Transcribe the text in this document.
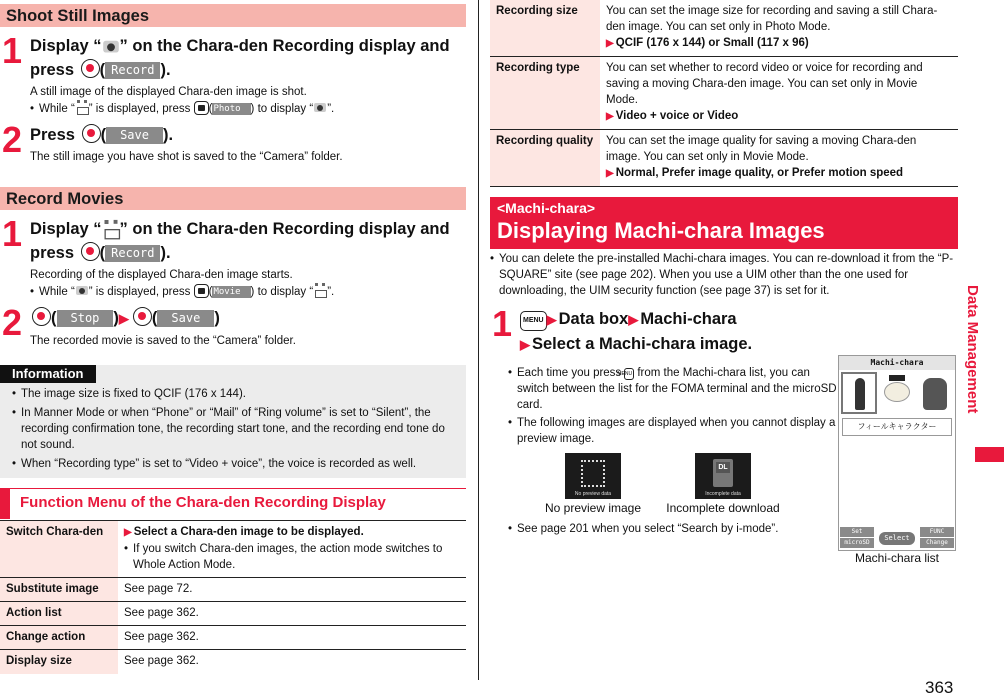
Shoot Still Images
1 Display “ ” on the Chara-den Recording display and
press ( Record ).
A still image of the displayed Chara-den image is shot.
• While “ ” is displayed, press (Photo ) to display “ ”.
2 Press ( Save ).
The still image you have shot is saved to the “Camera” folder.
Record Movies
1 Display “ ” on the Chara-den Recording display and
press ( Record ).
Recording of the displayed Chara-den image starts.
• While “ ” is displayed, press (Movie ) to display “ ”.
2	( Stop )▶ ( Save )
The recorded movie is saved to the “Camera” folder.
Information
• The image size is fixed to QCIF (176 x 144).
• In Manner Mode or when “Phone” or “Mail” of “Ring volume” is set to “Silent”, the recording confirmation tone, the recording start tone, and the recording end tone do not sound.
• When “Recording type” is set to “Video + voice”, the voice is recorded as well.
Function Menu of the Chara-den Recording Display
Switch Chara-den	▶ Select a Chara-den image to be displayed.
• If you switch Chara-den images, the action mode switches to Whole Action Mode.

Substitute image	See page 72.
Action list	See page 362.
Change action	See page 362.
Display size	See page 362.
Recording size	You can set the image size for recording and saving a still Chara-den image. You can set only in Photo Mode.
▶ QCIF (176 x 144) or Small (117 x 96)
Recording type	You can set whether to record video or voice for recording and saving a moving Chara-den image. You can set only in Movie Mode.
▶ Video + voice or Video
Recording quality	You can set the image quality for saving a moving Chara-den image. You can set only in Movie Mode.
▶ Normal, Prefer image quality, or Prefer motion speed
<Machi-chara>
Displaying Machi-chara Images
• You can delete the pre-installed Machi-chara images. You can re-download it from the “P-SQUARE” site (see page 202). When you use a UIM other than the one used for downloading, the UIM security function (see page 37) is set for it.
1	MENU ▶ Data box▶ Machi-chara
▶ Select a Machi-chara image.
• Each time you press MENU from the Machi-chara list, you can switch between the list for the FOMA terminal and the microSD card.
• The following images are displayed when you cannot display a preview image.
No preview data
No preview image
DL
Incomplete data
Incomplete download
• See page 201 when you select “Search by i-mode”.
Machi-chara
フィールキャラクター
Set
microSD
Select
FUNC
Change
Machi-chara list
Data Management
363
